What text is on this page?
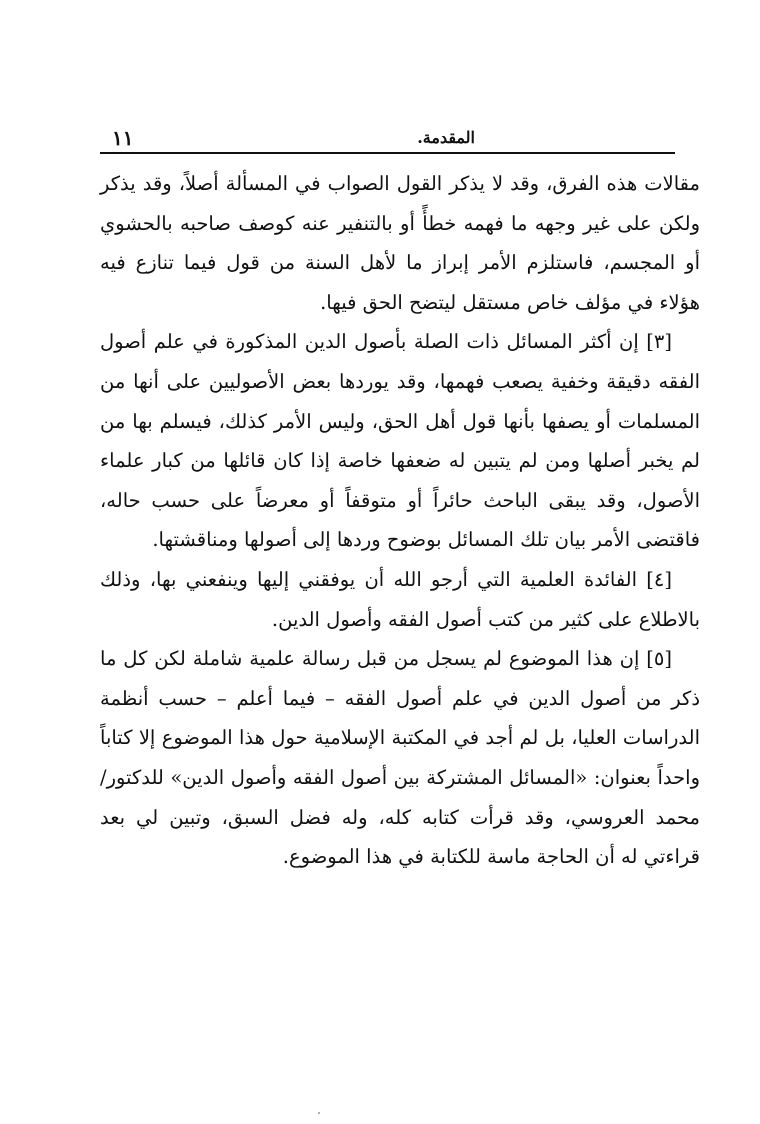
المقدمة.
١١

مقالات هذه الفرق، وقد لا يذكر القول الصواب في المسألة أصلاً، وقد يذكر ولكن على غير وجهه ما فهمه خطأً أو بالتنفير عنه كوصف صاحبه بالحشوي أو المجسم، فاستلزم الأمر إبراز ما لأهل السنة من قول فيما تنازع فيه هؤلاء في مؤلف خاص مستقل ليتضح الحق فيها.

[٣] إن أكثر المسائل ذات الصلة بأصول الدين المذكورة في علم أصول الفقه دقيقة وخفية يصعب فهمها، وقد يوردها بعض الأصوليين على أنها من المسلمات أو يصفها بأنها قول أهل الحق، وليس الأمر كذلك، فيسلم بها من لم يخبر أصلها ومن لم يتبين له ضعفها خاصة إذا كان قائلها من كبار علماء الأصول، وقد يبقى الباحث حائراً أو متوقفاً أو معرضاً على حسب حاله، فاقتضى الأمر بيان تلك المسائل بوضوح وردها إلى أصولها ومناقشتها.

[٤] الفائدة العلمية التي أرجو الله أن يوفقني إليها وينفعني بها، وذلك بالاطلاع على كثير من كتب أصول الفقه وأصول الدين.

[٥] إن هذا الموضوع لم يسجل من قبل رسالة علمية شاملة لكن كل ما ذكر من أصول الدين في علم أصول الفقه – فيما أعلم – حسب أنظمة الدراسات العليا، بل لم أجد في المكتبة الإسلامية حول هذا الموضوع إلا كتاباً واحداً بعنوان: «المسائل المشتركة بين أصول الفقه وأصول الدين» للدكتور/ محمد العروسي، وقد قرأت كتابه كله، وله فضل السبق، وتبين لي بعد قراءتي له أن الحاجة ماسة للكتابة في هذا الموضوع.
